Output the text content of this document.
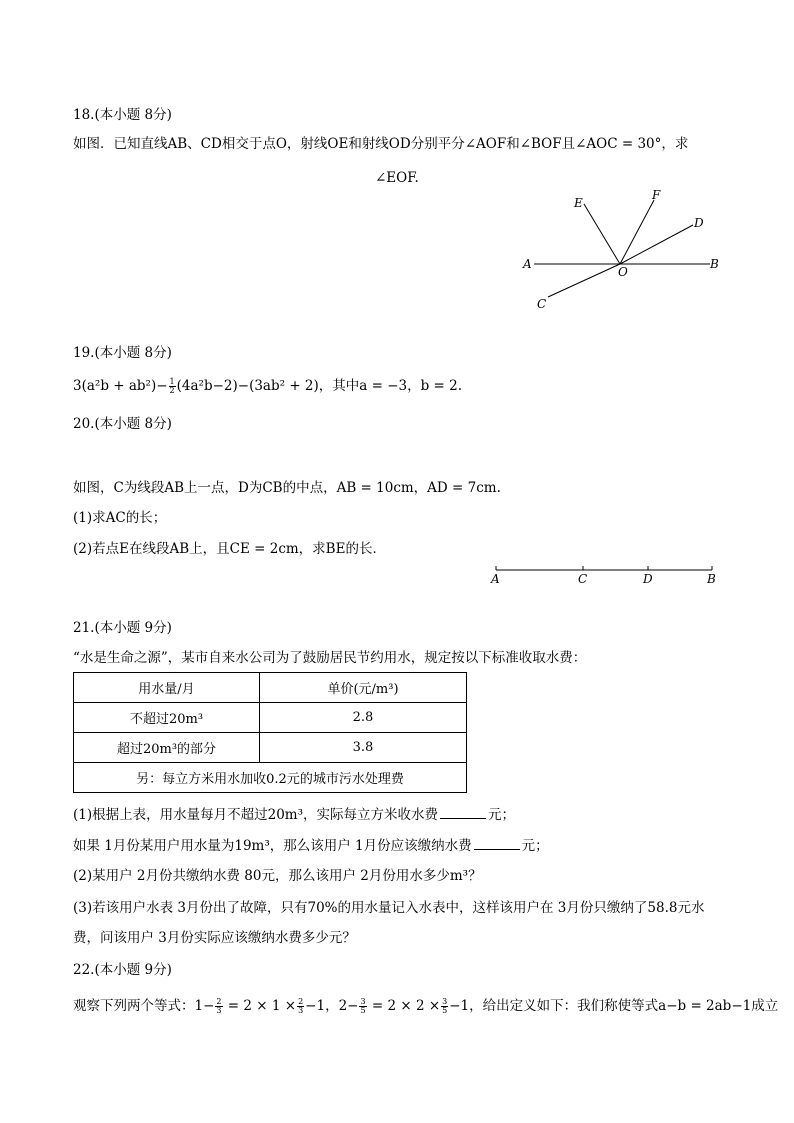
18.(本小题 8分)
如图．已知直线AB、CD相交于点O，射线OE和射线OD分别平分∠AOF和∠BOF且∠AOC = 30°，求
∠EOF.
A	B
C
D
E
F
O
19.(本小题 8分)
$3(a^2b + ab^2)- \frac{1}{2} (4a^2b-2)-(3ab^2 + 2)$，其中a = −3，b = 2.
20.(本小题 8分)
如图，C为线段AB上一点，D为CB的中点，AB = 10cm，AD = 7cm.
(1)求AC的长；
(2)若点E在线段AB上，且CE = 2cm，求BE的长．
A	C	D	B
21.(本小题 9分)
“水是生命之源”，某市自来水公司为了鼓励居民节约用水，规定按以下标准收取水费：
用水量/月	单价(元/m³)
不超过20m³	2.8
超过20m³的部分	3.8
另：每立方米用水加收0.2元的城市污水处理费	
(1)根据上表，用水量每月不超过20m³，实际每立方米收水费	元；
如果 1月份某用户用水量为19m³，那么该用户 1月份应该缴纳水费	元；
(2)某用户 2月份共缴纳水费 80元，那么该用户 2月份用水多少m³？
(3)若该用户水表 3月份出了故障，只有70%的用水量记入水表中，这样该用户在 3月份只缴纳了58.8元水
费，问该用户 3月份实际应该缴纳水费多少元？
22.(本小题 9分)
观察下列两个等式：$1- \frac{2}{3} = 2 \times 1 \times \frac{2}{3} -1$，$2- \frac{3}{5} = 2 \times 2 \times \frac{3}{5} -1$，给出定义如下：我们称使等式a−b = 2ab−1成立
